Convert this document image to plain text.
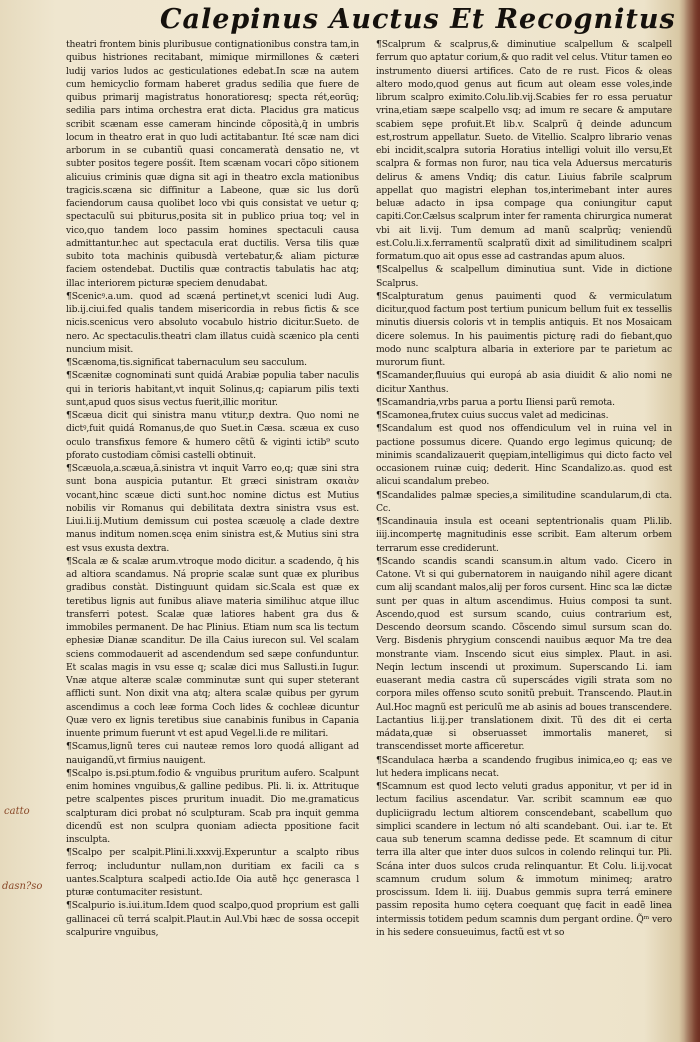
Calepinus Auctus Et Recognitus

theatri frontem binis pluribusue contignationibus constra tam,in quibus histriones recitabant, mimique mirmillones & cæteri ludij varios ludos ac gesticulationes edebat.In scæ na autem cum hemicyclio formam haberet gradus sedilia que fuere de quibus primarij magistratus honoratioresq; specta rét,eorüq; sedilia pars intima orchestra erat dicta. Placidus gra maticus scribit scænam esse cameram hincinde cõposità,q̄ in umbris locum in theatro erat in quo ludi actitabantur. Ité scæ nam dici arborum in se cubantiũ quasi concameratà densatio ne, vt subter positos tegere posśit. Item scænam vocari cõpo sitionem alicuius criminis quæ digna sit agi in theatro excla mationibus tragicis.scæna sic diffinitur a Labeone, quæ sic lus dorũ faciendorum causa quolibet loco vbi quis consistat ve uetur q; spectaculũ sui pbiturus,posita sit in publico priua toq; vel in vico,quo tandem loco passim homines spectaculi causa admittantur.hec aut spectacula erat ductilis. Versa tilis quæ subito tota machinis quibusdà vertebatur,& aliam picturæ faciem ostendebat. Ductilis quæ contractis tabulatis hac atq; illac interiorem picturæ speciem denudabat.

¶Scenicꝰ.a.um. quod ad scæná pertinet,vt scenici ludi Aug. lib.ij.ciui.fed qualis tandem misericordia in rebus fictis & sce nicis.scenicus vero absoluto vocabulo histrio dicitur.Sueto. de nero. Ac spectaculis.theatri clam illatus cuidà scænico pla centi nuncium misit.

¶Scænoma,tis.significat tabernaculum seu sacculum.

¶Scænitæ cognominati sunt quidá Arabiæ populia taber naculis qui in terioris habitant,vt inquit Solinus,q; capiarum pilis texti sunt,apud quos sisus vectus fuerit,illic moritur.

¶Scæua dicit qui sinistra manu vtitur,p dextra. Quo nomi ne dictꝰ,fuit quidá Romanus,de quo Suet.in Cæsa. scæua ex cuso oculo transfixus femore & humero cẽtũ & viginti ictib⁹ scuto pforato custodiam cõmisi castelli obtinuit.

¶Scæuola,a.scæua,ā.sinistra vt inquit Varro eo,q; quæ sini stra sunt bona auspicia putantur. Et græci sinistram σκαιὰν vocant,hinc scæue dicti sunt.hoc nomine dictus est Mutius nobilis vir Romanus qui debilitata dextra sinistra vsus est. Liui.li.ij.Mutium demissum cui postea scæuolę a clade dextre manus inditum nomen.scęa enim sinistra est,& Mutius sini stra est vsus exusta dextra.

¶Scala æ & scalæ arum.vtroque modo dicitur. a scadendo, q̄ his ad altiora scandamus. Ná proprie scalæ sunt quæ ex pluribus gradibus constàt. Distinguunt quidam sic.Scala est quæ ex teretibus lignis aut funibus aliave materia similihuc atque illuc transferri potest. Scalæ quæ latiores habent gra dus & immobiles permanent. De hac Plinius. Etiam num sca lis tectum ephesiæ Dianæ scanditur. De illa Caius iurecon sul. Vel scalam sciens commodauerit ad ascendendum sed sæpe confunduntur. Et scalas magis in vsu esse q; scalæ dici mus Sallusti.in Iugur. Vnæ atque alteræ scalæ comminutæ sunt qui super steterant afflicti sunt. Non dixit vna atq; altera scalæ quibus per gyrum ascendimus a coch leæ forma Coch lides & cochleæ dicuntur Quæ vero ex lignis teretibus siue canabinis funibus in Capania inuente primum fuerunt vt est apud Vegel.li.de re militari.

¶Scamus,lignũ teres cui nauteæ remos loro quodá alligant ad nauigandũ,vt firmius nauigent.

¶Scalpo is.psi.ptum.fodio & vnguibus pruritum aufero. Scalpunt enim homines vnguibus,& galline pedibus. Pli. li. ix. Attrituque petre scalpentes pisces pruritum inuadit. Dio me.gramaticus scalpturam dici probat nó sculpturam. Scab pra inquit gemma dicendũ est non sculpra quoniam adiecta ppositione facit insculpta.

¶Scalpo per scalpit.Plini.li.xxxvij.Experuntur a scalpto ribus ferroq; includuntur nullam,non duritiam ex facili ca s uantes.Scalptura scalpedi actio.Ide Oia autẽ hçc generasca l pturæ contumaciter resistunt.

¶Scalpurio is.iui.itum.Idem quod scalpo,quod proprium est galli gallinacei cũ terrá scalpit.Plaut.in Aul.Vbi hæc de sossa occepit scalpurire vnguibus,

¶Scalprum & scalprus,& diminutiue scalpellum & scalpell ferrum quo aptatur corium,& quo radit vel celus. Vtitur tamen eo instrumento diuersi artifices. Cato de re rust. Ficos & oleas altero modo,quod genus aut ficum aut oleam esse voles,inde librum scalpro eximito.Colu.lib.vij.Scabies fer ro essa peruatur vrina,etiam sæpe scalpello vsq; ad imum re secare & amputare scabiem sępe profuit.Et lib.v. Scalprũ q̄ deinde aduncum est,rostrum appellatur. Sueto. de Vitellio. Scalpro librario venas ebi incidit,scalpra sutoria Horatius intelligi voluit illo versu,Et scalpra & formas non furor, nau tica vela Aduersus mercaturis delirus & amens Vndiq; dis catur. Liuius fabrile scalprum appellat quo magistri elephan tos,interimebant inter aures beluæ adacto in ipsa compage qua coniungitur caput capiti.Cor.Cælsus scalprum inter fer ramenta chirurgica numerat vbi ait li.vij. Tum demum ad manũ scalprũq; veniendũ est.Colu.li.x.ferramentũ scalpratũ dixit ad similitudinem scalpri formatum.quo ait opus esse ad castrandas apum aluos.

¶Scalpellus & scalpellum diminutiua sunt. Vide in dictione Scalprus.

¶Scalpturatum genus pauimenti quod & vermiculatum dicitur,quod factum post tertium punicum bellum fuit ex tessellis minutis diuersis coloris vt in templis antiquis. Et nos Mosaicam dicere solemus. In his pauimentis picturę radi do fiebant,quo modo nunc scalptura albaria in exteriore par te parietum ac murorum fiunt.

¶Scamander,fluuius qui europá ab asia diuidit & alio nomi ne dicitur Xanthus.

¶Scamandria,vrbs parua a portu Iliensi parũ remota.

¶Scamonea,frutex cuius succus valet ad medicinas.

¶Scandalum est quod nos offendiculum vel in ruina vel in pactione possumus dicere. Quando ergo legimus quicunq; de minimis scandalizauerit quępiam,intelligimus qui dicto facto vel occasionem ruinæ cuiq; dederit. Hinc Scandalizo.as. quod est alicui scandalum prebeo.

¶Scandalides palmæ species,a similitudine scandularum,di cta. Cc.

¶Scandinauia insula est oceani septentrionalis quam Pli.lib. iiij.incompertę magnitudinis esse scribit. Eam alterum orbem terrarum esse crediderunt.

¶Scando scandis scandi scansum.in altum vado. Cicero in Catone. Vt si qui gubernatorem in nauigando nihil agere dicant cum alij scandant malos,alij per foros cursent. Hinc sca læ dictæ sunt per quas in altum ascendimus. Huius composi ta sunt. Ascendo,quod est sursum scando, cuius contrarium est, Descendo deorsum scando. Cõscendo simul sursum scan do. Verg. Bisdenis phrygium conscendi nauibus æquor Ma tre dea monstrante viam. Inscendo sicut eius simplex. Plaut. in asi. Neqin lectum inscendi ut proximum. Superscando Li. iam euaserant media castra cũ superscádes vigili strata som no corpora miles offenso scuto sonitũ prebuit. Transcendo. Plaut.in Aul.Hoc magnũ est periculũ me ab asinis ad boues transcendere. Lactantius li.ij.per translationem dixit. Tũ des dit ei certa mádata,quæ si obseruasset immortalis maneret, si transcendisset morte afficeretur.

¶Scandulaca hærba a scandendo frugibus inimica,eo q; eas ve lut hedera implicans necat.

¶Scamnum est quod lecto veluti gradus apponitur, vt per id in lectum facilius ascendatur. Var. scribit scamnum eæ quo dupliciigradu lectum altiorem conscendebant, scabellum quo simplici scandere in lectum nó alti scandebant. Oui. i.ar te. Et caua sub tenerum scamna dedisse pede. Et scamnum di citur terra illa alter que inter duos sulcos in colendo relinqui tur. Pli. Scána inter duos sulcos cruda relinquantur. Et Colu. li.ij.vocat scamnum crudum solum & immotum minimeq; aratro proscissum. Idem li. iiij. Duabus gemmis supra terrá eminere passim reposita humo cętera coequant quę facit in eadẽ linea intermissis totidem pedum scamnis dum pergant ordine. Q̃ᵐ vero in his sedere consueuimus, factũ est vt so

catto
dasn?so
